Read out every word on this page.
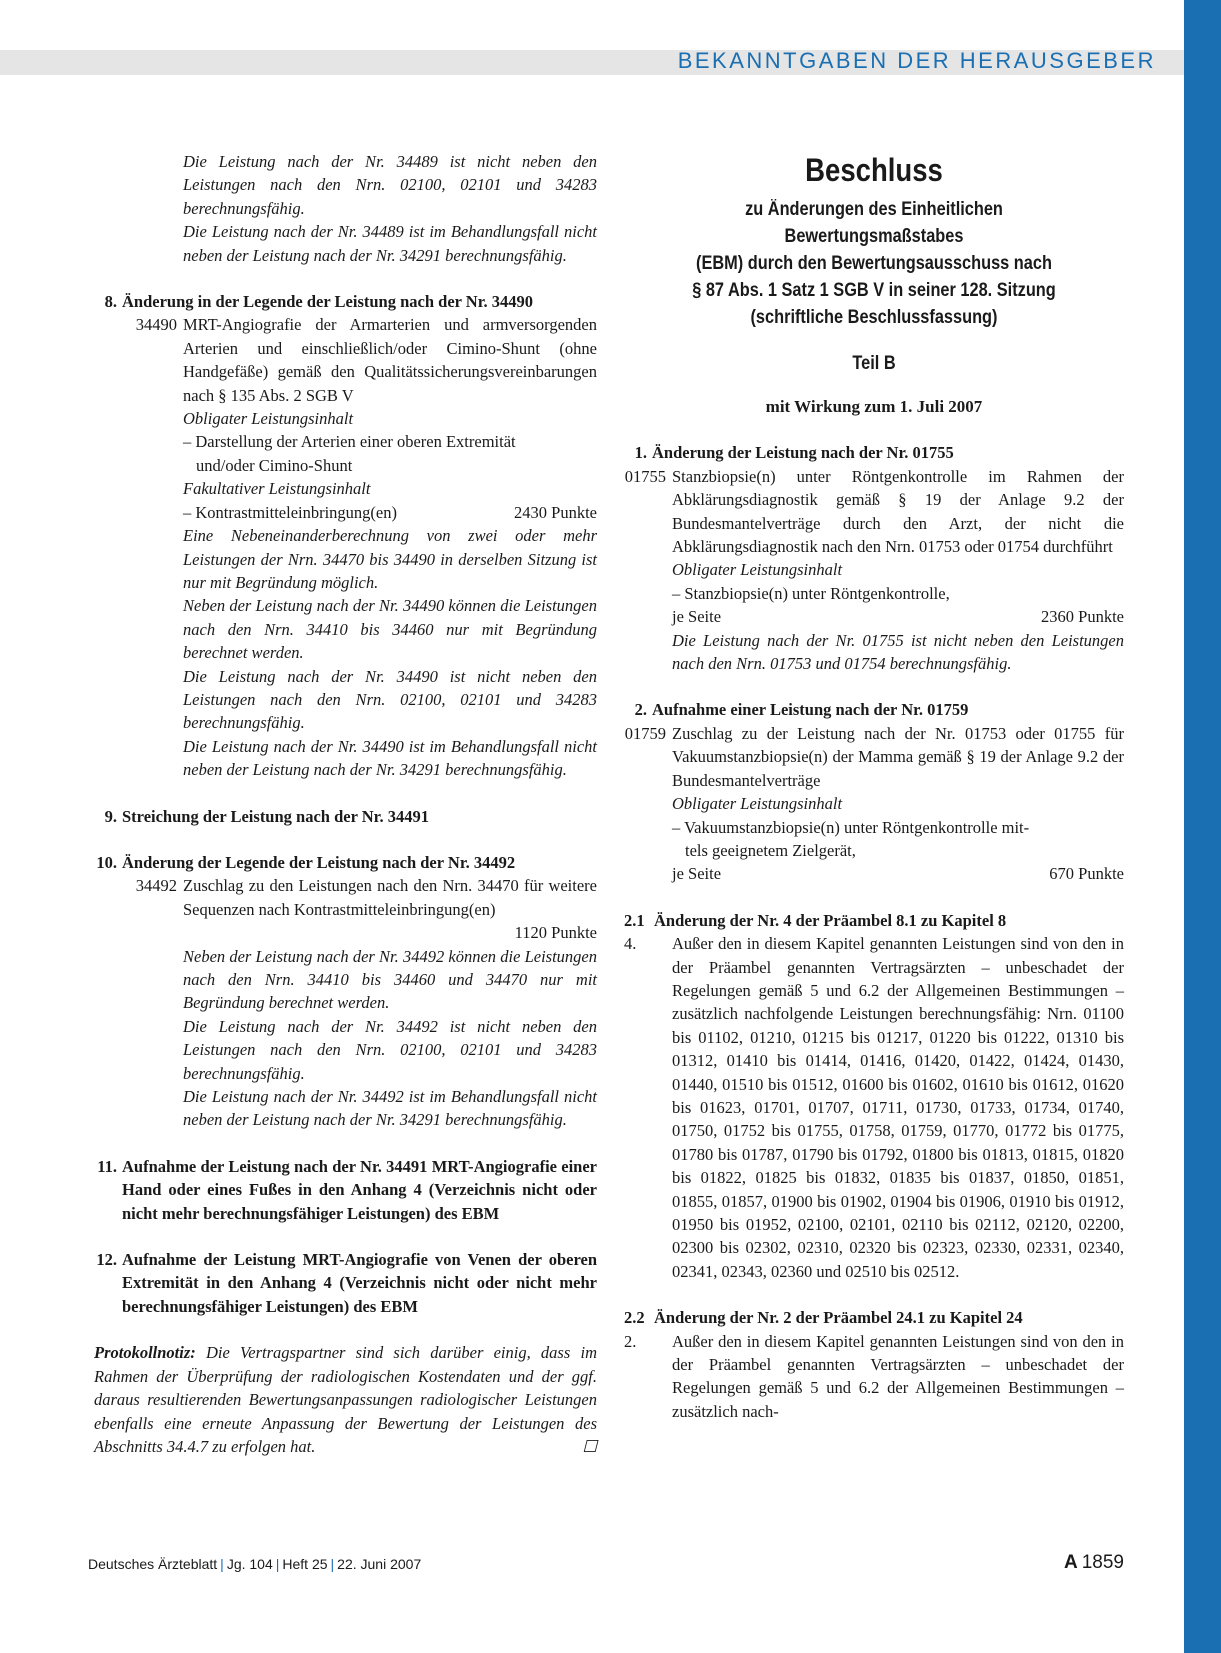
BEKANNTGABEN DER HERAUSGEBER
Die Leistung nach der Nr. 34489 ist nicht neben den Leistungen nach den Nrn. 02100, 02101 und 34283 berechnungsfähig.
Die Leistung nach der Nr. 34489 ist im Behandlungsfall nicht neben der Leistung nach der Nr. 34291 berechnungsfähig.
8. Änderung in der Legende der Leistung nach der Nr. 34490
34490 MRT-Angiografie der Armarterien und armversorgenden Arterien und einschließlich/oder Cimino-Shunt (ohne Handgefäße) gemäß den Qualitätssicherungsvereinbarungen nach § 135 Abs. 2 SGB V
Obligater Leistungsinhalt
– Darstellung der Arterien einer oberen Extremität
und/oder Cimino-Shunt
Fakultativer Leistungsinhalt
– Kontrastmitteleinbringung(en)	2430 Punkte
Eine Nebeneinanderberechnung von zwei oder mehr Leistungen der Nrn. 34470 bis 34490 in derselben Sitzung ist nur mit Begründung möglich.
Neben der Leistung nach der Nr. 34490 können die Leistungen nach den Nrn. 34410 bis 34460 nur mit Begründung berechnet werden.
Die Leistung nach der Nr. 34490 ist nicht neben den Leistungen nach den Nrn. 02100, 02101 und 34283 berechnungsfähig.
Die Leistung nach der Nr. 34490 ist im Behandlungsfall nicht neben der Leistung nach der Nr. 34291 berechnungsfähig.
9. Streichung der Leistung nach der Nr. 34491
10. Änderung der Legende der Leistung nach der Nr. 34492
34492 Zuschlag zu den Leistungen nach den Nrn. 34470 für weitere Sequenzen nach Kontrastmitteleinbringung(en)
1120 Punkte
Neben der Leistung nach der Nr. 34492 können die Leistungen nach den Nrn. 34410 bis 34460 und 34470 nur mit Begründung berechnet werden.
Die Leistung nach der Nr. 34492 ist nicht neben den Leistungen nach den Nrn. 02100, 02101 und 34283 berechnungsfähig.
Die Leistung nach der Nr. 34492 ist im Behandlungsfall nicht neben der Leistung nach der Nr. 34291 berechnungsfähig.
11. Aufnahme der Leistung nach der Nr. 34491 MRT-Angiografie einer Hand oder eines Fußes in den Anhang 4 (Verzeichnis nicht oder nicht mehr berechnungsfähiger Leistungen) des EBM
12. Aufnahme der Leistung MRT-Angiografie von Venen der oberen Extremität in den Anhang 4 (Verzeichnis nicht oder nicht mehr berechnungsfähiger Leistungen) des EBM
Protokollnotiz: Die Vertragspartner sind sich darüber einig, dass im Rahmen der Überprüfung der radiologischen Kostendaten und der ggf. daraus resultierenden Bewertungsanpassungen radiologischer Leistungen ebenfalls eine erneute Anpassung der Bewertung der Leistungen des Abschnitts 34.4.7 zu erfolgen hat.	☐
Beschluss
zu Änderungen des Einheitlichen Bewertungsmaßstabes
(EBM) durch den Bewertungsausschuss nach
§ 87 Abs. 1 Satz 1 SGB V in seiner 128. Sitzung
(schriftliche Beschlussfassung)
Teil B
mit Wirkung zum 1. Juli 2007
1. Änderung der Leistung nach der Nr. 01755
01755 Stanzbiopsie(n) unter Röntgenkontrolle im Rahmen der Abklärungsdiagnostik gemäß § 19 der Anlage 9.2 der Bundesmantelverträge durch den Arzt, der nicht die Abklärungsdiagnostik nach den Nrn. 01753 oder 01754 durchführt
Obligater Leistungsinhalt
– Stanzbiopsie(n) unter Röntgenkontrolle,
je Seite	2360 Punkte
Die Leistung nach der Nr. 01755 ist nicht neben den Leistungen nach den Nrn. 01753 und 01754 berechnungsfähig.
2. Aufnahme einer Leistung nach der Nr. 01759
01759 Zuschlag zu der Leistung nach der Nr. 01753 oder 01755 für Vakuumstanzbiopsie(n) der Mamma gemäß § 19 der Anlage 9.2 der Bundesmantelverträge
Obligater Leistungsinhalt
– Vakuumstanzbiopsie(n) unter Röntgenkontrolle mit-
tels geeignetem Zielgerät,
je Seite	670 Punkte
2.1 Änderung der Nr. 4 der Präambel 8.1 zu Kapitel 8
4.	Außer den in diesem Kapitel genannten Leistungen sind von den in der Präambel genannten Vertragsärzten – unbeschadet der Regelungen gemäß 5 und 6.2 der Allgemeinen Bestimmungen – zusätzlich nachfolgende Leistungen berechnungsfähig: Nrn. 01100 bis 01102, 01210, 01215 bis 01217, 01220 bis 01222, 01310 bis 01312, 01410 bis 01414, 01416, 01420, 01422, 01424, 01430, 01440, 01510 bis 01512, 01600 bis 01602, 01610 bis 01612, 01620 bis 01623, 01701, 01707, 01711, 01730, 01733, 01734, 01740, 01750, 01752 bis 01755, 01758, 01759, 01770, 01772 bis 01775, 01780 bis 01787, 01790 bis 01792, 01800 bis 01813, 01815, 01820 bis 01822, 01825 bis 01832, 01835 bis 01837, 01850, 01851, 01855, 01857, 01900 bis 01902, 01904 bis 01906, 01910 bis 01912, 01950 bis 01952, 02100, 02101, 02110 bis 02112, 02120, 02200, 02300 bis 02302, 02310, 02320 bis 02323, 02330, 02331, 02340, 02341, 02343, 02360 und 02510 bis 02512.
2.2 Änderung der Nr. 2 der Präambel 24.1 zu Kapitel 24
2.	Außer den in diesem Kapitel genannten Leistungen sind von den in der Präambel genannten Vertragsärzten – unbeschadet der Regelungen gemäß 5 und 6.2 der Allgemeinen Bestimmungen – zusätzlich nach-
Deutsches Ärzteblatt | Jg. 104 | Heft 25 | 22. Juni 2007	A 1859
